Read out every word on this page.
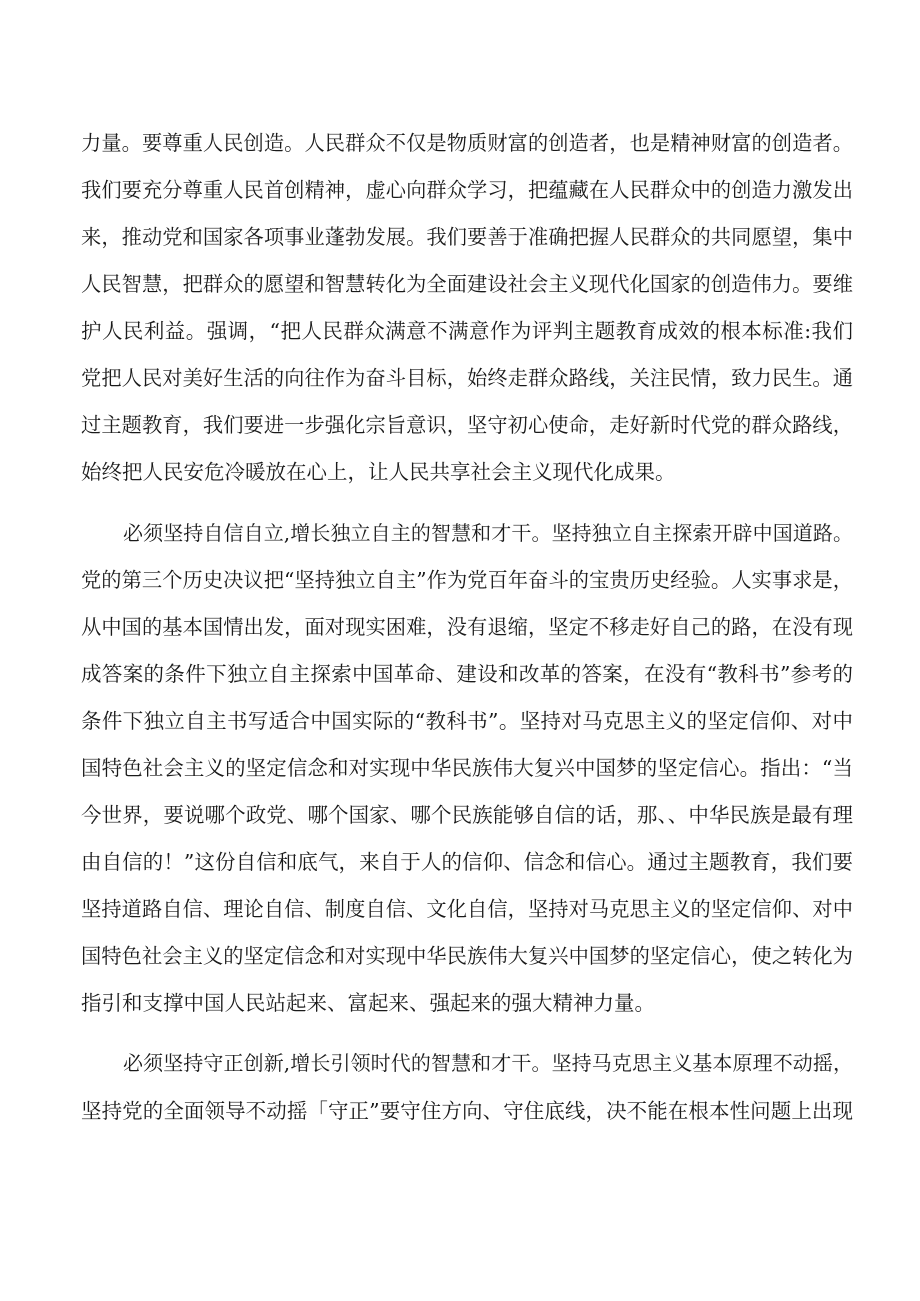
力量。要尊重人民创造。人民群众不仅是物质财富的创造者，也是精神财富的创造者。
我们要充分尊重人民首创精神，虚心向群众学习，把蕴藏在人民群众中的创造力激发出
来，推动党和国家各项事业蓬勃发展。我们要善于准确把握人民群众的共同愿望，集中
人民智慧，把群众的愿望和智慧转化为全面建设社会主义现代化国家的创造伟力。要维
护人民利益。强调，“把人民群众满意不满意作为评判主题教育成效的根本标准:我们
党把人民对美好生活的向往作为奋斗目标，始终走群众路线，关注民情，致力民生。通
过主题教育，我们要进一步强化宗旨意识，坚守初心使命，走好新时代党的群众路线，
始终把人民安危冷暖放在心上，让人民共享社会主义现代化成果。
必须坚持自信自立,增长独立自主的智慧和才干。坚持独立自主探索开辟中国道路。
党的第三个历史决议把“坚持独立自主”作为党百年奋斗的宝贵历史经验。人实事求是，
从中国的基本国情出发，面对现实困难，没有退缩，坚定不移走好自己的路，在没有现
成答案的条件下独立自主探索中国革命、建设和改革的答案，在没有“教科书”参考的
条件下独立自主书写适合中国实际的“教科书”。坚持对马克思主义的坚定信仰、对中
国特色社会主义的坚定信念和对实现中华民族伟大复兴中国梦的坚定信心。指出：“当
今世界，要说哪个政党、哪个国家、哪个民族能够自信的话，那、、中华民族是最有理
由自信的！”这份自信和底气，来自于人的信仰、信念和信心。通过主题教育，我们要
坚持道路自信、理论自信、制度自信、文化自信，坚持对马克思主义的坚定信仰、对中
国特色社会主义的坚定信念和对实现中华民族伟大复兴中国梦的坚定信心，使之转化为
指引和支撑中国人民站起来、富起来、强起来的强大精神力量。
必须坚持守正创新,增长引领时代的智慧和才干。坚持马克思主义基本原理不动摇，
坚持党的全面领导不动摇「守正”要守住方向、守住底线，决不能在根本性问题上出现
